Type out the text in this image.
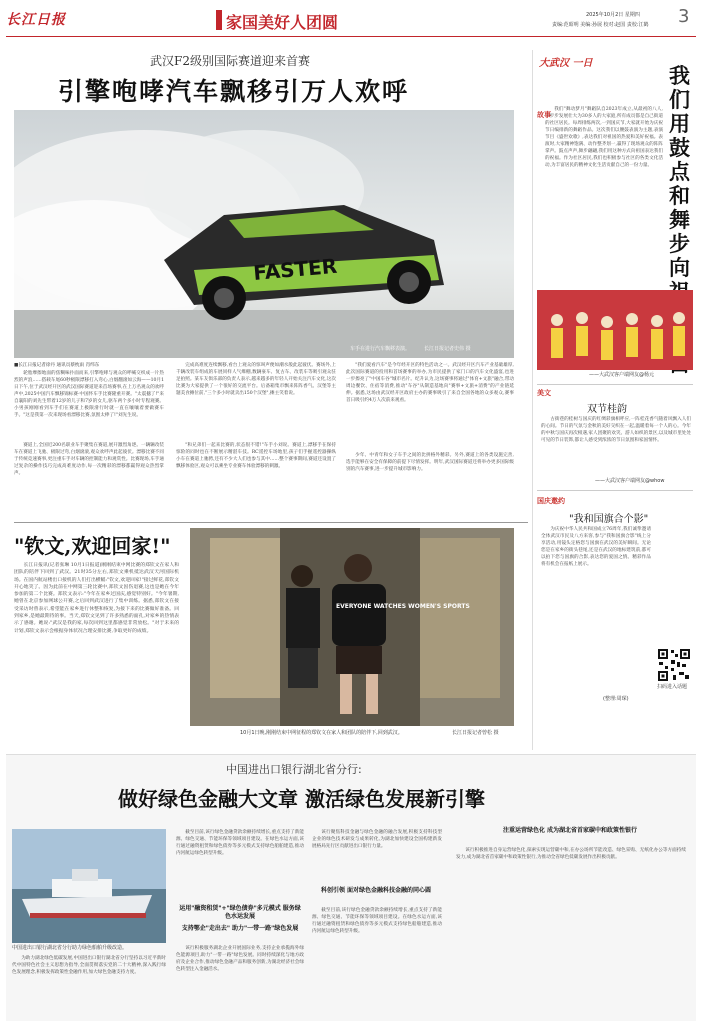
长江日报	家国美好人团圆	2025年10月2日 星期四
责编:范昭明 美编:孙展 校对:赵国 责校:江鹤 3
武汉F2级别国际赛道迎来首赛
引擎咆哮汽车飘移引万人欢呼
FASTER
车手在进行汽车飘移表演。	长江日报记者史伟 摄
■长江日报记者徐丹 通讯员蔡枕雨 肖纬东

轮胎摩擦地面的焦糊味扑面而来,引擎咆哮与观众的呼喊交织成一片热烈的声浪……搭载车尾60秒极限漂移打入弯心,白烟翻滚如云海——10月1日下午,位于武汉经开区的武汉国际赛道迎来首场赛事,在上万名观众的欢呼声中,2025中国汽车飘移锦标赛·中国怀车手比赛隆重开赛。"太震撼了!"来自襄阳的刘先生带着12岁的儿子和7岁的女儿,驱车两个多小时专程观赛。小男孩刚刚看到车手们在赛道上极限滑行时就一直在嚷嚷着要做赛车手。"这是我第一次来现场看漂移比赛,氛围太棒了!"刘先生说。

赛道上,全国近200名职业车手聚集在赛道,展开激烈角逐。一辆辆改装车在赛道上飞驰、极限过弯,白烟滚滚,观众欢呼声此起彼伏。漂移比赛不同于传统竞速赛事,更注重车手对车辆的控制能力和观赏性。比赛现场,车手通过复杂的操作技巧完成高难度动作,每一次精彩的漂移都赢得观众热烈掌声。

完成高难度连续飘移,看台上观众的惊叫声便如潮水般此起彼伏。赛场外,上千辆改装车组成的车展同样人气爆棚,数辆豪车、复古车、改装车等吸引观众驻足拍照。某车友俱乐部的负责人表示,越来越多的年轻人开始关注汽车文化,这次比赛为大家提供了一个很好的交流平台。后备箱集市飘来阵阵香气。汉堡等主题美食摊位前,"三个多小时就卖出150个汉堡",摊主笑着说。

"和兄弟们一起来比赛的,状态很不错!"车手小刘说。赛道上,漂移手在保持惊险的同时也在不断展示精湛车技。RC遥控车场地里,孩子们手握遥控器操纵小车在赛道上驰骋,还有不少大人们也参与其中……整个赛事期间,赛道还设置了飘移体验区,观众可以乘坐专业赛车体验漂移的刺激。

"我们爱看汽车"是今年经开区的特色活动之一。武汉经开区汽车产业基础雄厚,此次国际赛道的投用和首场赛事的举办,为市民提供了家门口的汽车文化盛宴,也进一步擦亮了"中国车谷"城市名片。纪升认为,这场赛事将通过"体育+文旅"融合,带动周边餐饮、住宿等消费,推动"车谷"从制造基地向"赛事+文旅+消费"的产业链延伸。据悉,这场由武汉经开区政府主办的赛事吸引了来自全国各地的众多观众,赛事首日吸引约4万人次前来观看。

少年、中青年和女子车手之间的比拼格外精彩。另外,赛道上的各类设施完善,选手能够在安全有保障的前提下尽情发挥。明年,武汉国际赛道还将举办更多国际级别的汽车赛事,进一步提升城市影响力。

"钦文,欢迎回家!"

长江日报讯(记者张琳 10月1日报道)刚刚结束中网比赛的郑钦文在家人和团队的陪伴下回到了武汉。21时35分左右,郑钦文乘机抵达武汉天河国际机场。在国内航站楼出口接机的人们打出横幅:"钦文,欢迎回家!"接过鲜花,郑钦文开心地笑了。因为此前在中网第三轮比赛中,郑钦文因伤退赛,这也是她在今年参加的第二个比赛。郑钦文表示:"今年在家乡过国庆,感觉特别好。"今年暑期,她曾在北京参加网球公开赛,之后回到武汉进行了集中训练。据悉,郑钦文在接受采访时曾表示,希望能在家乡进行休整和恢复,为接下来的比赛做好准备。回到家乡,是她最期待的事。当天,郑钦文见到了许多熟悉的面孔,对家乡的热情表示了感谢。她说:"武汉是我的家,每次回到这里都感觉非常放松。"对于未来的计划,郑钦文表示会根据身体状况合理安排比赛,争取更好的成绩。

EVERYONE WATCHES WOMEN'S SPORTS
10月1日晚,刚刚结束中网征程的郑钦文在家人和团队的陪伴下,回到武汉。	长江日报记者曾松 摄
大武汉 一日	我们用鼓点和舞步向
故事

我们"舞动梦月"舞蹈队自2023年成立,从最初的八人,一步步发展壮大为30多人的大家庭,所有成员都是自己街道的社区居民。每周排练两次,一到国庆节,大家就开始为庆祝节日编排新的舞蹈作品。这次我们以腰鼓表演为主题,表演节目《盛世欢歌》,表达我们对祖国的热爱和美好祝福。表演时,大家精神饱满、动作整齐划一,赢得了现场观众的阵阵掌声。鼓点声声,舞步翩翩,我们用这种方式向祖国表达我们的祝福。作为社区居民,我们也积极参与社区的各类文化活动,为丰富居民的精神文化生活贡献自己的一份力量。

——大武汉客户端网友@杨元
美文
双节桂韵

古街巷的桂树与国庆的红绸彩旗相呼应,一阵桂花香气随着风飘入人们的心间。节日的气氛与金秋的美好交织在一起,温暖着每一个人的心。今年的中秋与国庆再次相遇,家人团聚的欢笑、游人如织的景区,以及城市里处处可见的节日装饰,都让人感受到浓浓的节日氛围和家国情怀。

——大武汉客户端网友@whow
国庆邀约
"我和国旗合个影"

为庆祝中华人民共和国成立76周年,我们诚挚邀请全体武汉市民及八方来客,参与"我和国旗合影"线上分享活动,用镜头定格您与国旗在武汉的美好瞬间。无论您是在家乡的街头巷尾,还是在武汉的地标建筑前,都可以拍下您与国旗的合影,表达您的爱国之情。精彩作品将有机会在报纸上展示。

(整理:周琛)
扫码进入话题
中国进出口银行湖北省分行:
做好绿色金融大文章 激活绿色发展新引擎
中国进出口银行湖北省分行助力绿色船舶升级改造。

为助力湖北绿色低碳发展,中国进出口银行湖北省分行坚持以习近平新时代中国特色社会主义思想为指导,全面贯彻落实党的二十大精神,深入践行绿色发展理念,积极发挥政策性金融作用,加大绿色金融支持力度。

运用"融资租赁"+"绿色债券"多元模式 服务绿色水运发展

截至目前,该行绿色金融贷款余额持续增长,重点支持了新能源、绿色交通、节能环保等领域项目建设。在绿色水运方面,该行通过融资租赁和绿色债券等多元模式支持绿色船舶建造,推动内河航运绿色转型升级。

支持鄂企"走出去" 助力"一带一路"绿色发展

该行积极服务湖北企业开展国际业务,支持企业承揽海外绿色能源项目,助力"一带一路"绿色发展。同时持续深化与地方政府及企业合作,推动绿色金融产品和服务创新,为湖北经济社会绿色转型注入金融活水。

科创引领 面对绿色金融科技金融的同心圆

该行聚焦科技金融与绿色金融的融合发展,积极支持科技型企业的绿色技术研发与成果转化,为湖北加快建设全国构建新发展格局先行区贡献进出口银行力量。

截至目前,该行绿色金融贷款余额持续增长,重点支持了新能源、绿色交通、节能环保等领域项目建设。在绿色水运方面,该行通过融资租赁和绿色债券等多元模式支持绿色船舶建造,推动内河航运绿色转型升级。

注重运营绿色化 成为湖北省首家碳中和政策性银行

该行积极推进自身运营绿色化,探索实现运营碳中和,在办公场所节能改造、绿色采购、无纸化办公等方面持续发力,成为湖北省首家碳中和政策性银行,为推动全省绿色低碳发展作出积极贡献。
